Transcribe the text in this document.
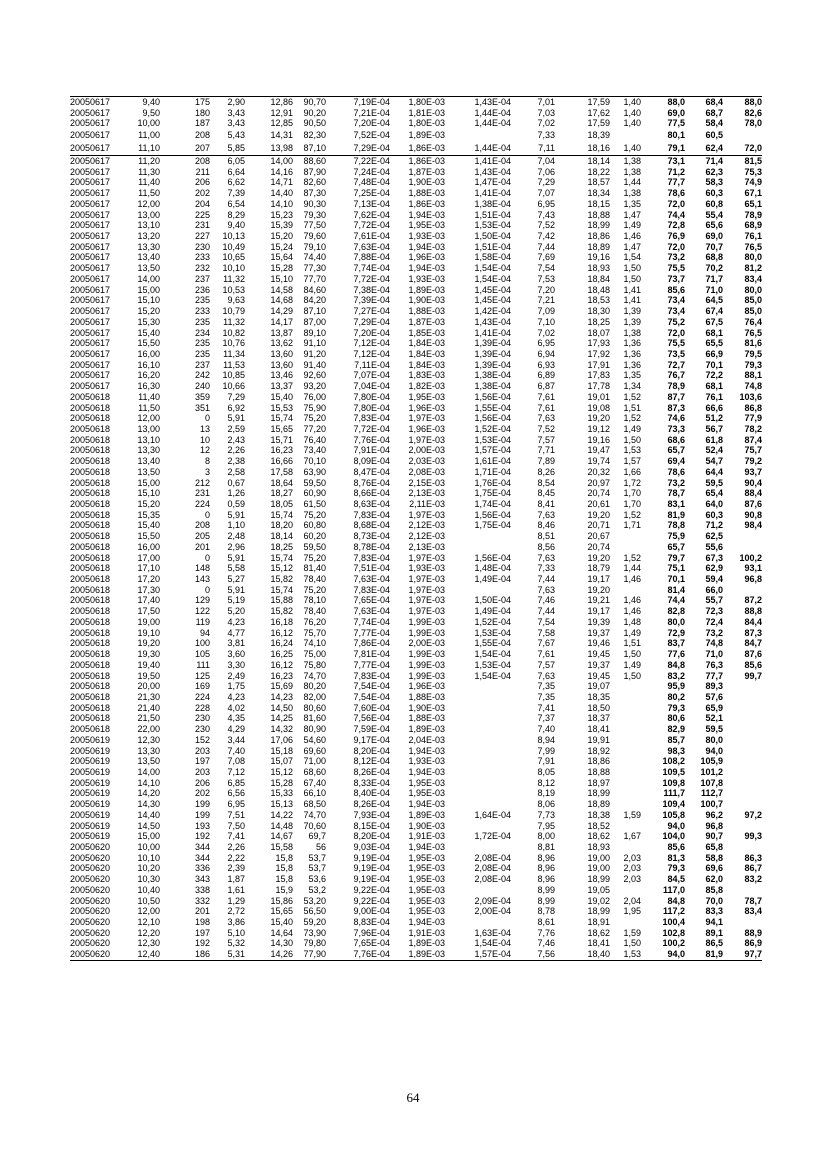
20050617	9,40	175	2,90	12,86	90,70	7,19E-04	1,80E-03	1,43E-04	7,01	17,59	1,40	88,0	68,4	88,0
20050617	9,50	180	3,43	12,91	90,20	7,21E-04	1,81E-03	1,44E-04	7,03	17,62	1,40	69,0	68,7	82,6
20050617	10,00	187	3,43	12,85	90,50	7,20E-04	1,80E-03	1,44E-04	7,02	17,59	1,40	77,5	58,4	78,0
20050617	11,00	208	5,43	14,31	82,30	7,52E-04	1,89E-03		7,33	18,39		80,1	60,5	
20050617	11,10	207	5,85	13,98	87,10	7,29E-04	1,86E-03	1,44E-04	7,11	18,16	1,40	79,1	62,4	72,0
20050617	11,20	208	6,05	14,00	88,60	7,22E-04	1,86E-03	1,41E-04	7,04	18,14	1,38	73,1	71,4	81,5
20050617	11,30	211	6,64	14,16	87,90	7,24E-04	1,87E-03	1,43E-04	7,06	18,22	1,38	71,2	62,3	75,3
20050617	11,40	206	6,62	14,71	82,60	7,48E-04	1,90E-03	1,47E-04	7,29	18,57	1,44	77,7	58,3	74,9
20050617	11,50	202	7,39	14,40	87,30	7,25E-04	1,88E-03	1,41E-04	7,07	18,34	1,38	78,6	60,3	67,1
20050617	12,00	204	6,54	14,10	90,30	7,13E-04	1,86E-03	1,38E-04	6,95	18,15	1,35	72,0	60,8	65,1
20050617	13,00	225	8,29	15,23	79,30	7,62E-04	1,94E-03	1,51E-04	7,43	18,88	1,47	74,4	55,4	78,9
20050617	13,10	231	9,40	15,39	77,50	7,72E-04	1,95E-03	1,53E-04	7,52	18,99	1,49	72,8	65,6	68,9
20050617	13,20	227	10,13	15,20	79,60	7,61E-04	1,93E-03	1,50E-04	7,42	18,86	1,46	76,9	69,0	76,1
20050617	13,30	230	10,49	15,24	79,10	7,63E-04	1,94E-03	1,51E-04	7,44	18,89	1,47	72,0	70,7	76,5
20050617	13,40	233	10,65	15,64	74,40	7,88E-04	1,96E-03	1,58E-04	7,69	19,16	1,54	73,2	68,8	80,0
20050617	13,50	232	10,10	15,28	77,30	7,74E-04	1,94E-03	1,54E-04	7,54	18,93	1,50	75,5	70,2	81,2
20050617	14,00	237	11,32	15,10	77,70	7,72E-04	1,93E-03	1,54E-04	7,53	18,84	1,50	73,7	71,7	83,4
20050617	15,00	236	10,53	14,58	84,60	7,38E-04	1,89E-03	1,45E-04	7,20	18,48	1,41	85,6	71,0	80,0
20050617	15,10	235	9,63	14,68	84,20	7,39E-04	1,90E-03	1,45E-04	7,21	18,53	1,41	73,4	64,5	85,0
20050617	15,20	233	10,79	14,29	87,10	7,27E-04	1,88E-03	1,42E-04	7,09	18,30	1,39	73,4	67,4	85,0
20050617	15,30	235	11,32	14,17	87,00	7,29E-04	1,87E-03	1,43E-04	7,10	18,25	1,39	75,2	67,5	76,4
20050617	15,40	234	10,82	13,87	89,10	7,20E-04	1,85E-03	1,41E-04	7,02	18,07	1,38	72,0	68,1	76,5
20050617	15,50	235	10,76	13,62	91,10	7,12E-04	1,84E-03	1,39E-04	6,95	17,93	1,36	75,5	65,5	81,6
20050617	16,00	235	11,34	13,60	91,20	7,12E-04	1,84E-03	1,39E-04	6,94	17,92	1,36	73,5	66,9	79,5
20050617	16,10	237	11,53	13,60	91,40	7,11E-04	1,84E-03	1,39E-04	6,93	17,91	1,36	72,7	70,1	79,3
20050617	16,20	242	10,85	13,46	92,60	7,07E-04	1,83E-03	1,38E-04	6,89	17,83	1,35	76,7	72,2	88,1
20050617	16,30	240	10,66	13,37	93,20	7,04E-04	1,82E-03	1,38E-04	6,87	17,78	1,34	78,9	68,1	74,8
20050618	11,40	359	7,29	15,40	76,00	7,80E-04	1,95E-03	1,56E-04	7,61	19,01	1,52	87,7	76,1	103,6
20050618	11,50	351	6,92	15,53	75,90	7,80E-04	1,96E-03	1,55E-04	7,61	19,08	1,51	87,3	66,6	86,8
20050618	12,00	0	5,91	15,74	75,20	7,83E-04	1,97E-03	1,56E-04	7,63	19,20	1,52	74,6	51,2	77,9
20050618	13,00	13	2,59	15,65	77,20	7,72E-04	1,96E-03	1,52E-04	7,52	19,12	1,49	73,3	56,7	78,2
20050618	13,10	10	2,43	15,71	76,40	7,76E-04	1,97E-03	1,53E-04	7,57	19,16	1,50	68,6	61,8	87,4
20050618	13,30	12	2,26	16,23	73,40	7,91E-04	2,00E-03	1,57E-04	7,71	19,47	1,53	65,7	52,4	75,7
20050618	13,40	8	2,38	16,66	70,10	8,09E-04	2,03E-03	1,61E-04	7,89	19,74	1,57	69,4	54,7	79,2
20050618	13,50	3	2,58	17,58	63,90	8,47E-04	2,08E-03	1,71E-04	8,26	20,32	1,66	78,6	64,4	93,7
20050618	15,00	212	0,67	18,64	59,50	8,76E-04	2,15E-03	1,76E-04	8,54	20,97	1,72	73,2	59,5	90,4
20050618	15,10	231	1,26	18,27	60,90	8,66E-04	2,13E-03	1,75E-04	8,45	20,74	1,70	78,7	65,4	88,4
20050618	15,20	224	0,59	18,05	61,50	8,63E-04	2,11E-03	1,74E-04	8,41	20,61	1,70	83,1	64,0	87,6
20050618	15,35	0	5,91	15,74	75,20	7,83E-04	1,97E-03	1,56E-04	7,63	19,20	1,52	81,9	60,3	90,8
20050618	15,40	208	1,10	18,20	60,80	8,68E-04	2,12E-03	1,75E-04	8,46	20,71	1,71	78,8	71,2	98,4
20050618	15,50	205	2,48	18,14	60,20	8,73E-04	2,12E-03		8,51	20,67		75,9	62,5	
20050618	16,00	201	2,96	18,25	59,50	8,78E-04	2,13E-03		8,56	20,74		65,7	55,6	
20050618	17,00	0	5,91	15,74	75,20	7,83E-04	1,97E-03	1,56E-04	7,63	19,20	1,52	79,7	67,3	100,2
20050618	17,10	148	5,58	15,12	81,40	7,51E-04	1,93E-03	1,48E-04	7,33	18,79	1,44	75,1	62,9	93,1
20050618	17,20	143	5,27	15,82	78,40	7,63E-04	1,97E-03	1,49E-04	7,44	19,17	1,46	70,1	59,4	96,8
20050618	17,30	0	5,91	15,74	75,20	7,83E-04	1,97E-03		7,63	19,20		81,4	66,0	
20050618	17,40	129	5,19	15,88	78,10	7,65E-04	1,97E-03	1,50E-04	7,46	19,21	1,46	74,4	55,7	87,2
20050618	17,50	122	5,20	15,82	78,40	7,63E-04	1,97E-03	1,49E-04	7,44	19,17	1,46	82,8	72,3	88,8
20050618	19,00	119	4,23	16,18	76,20	7,74E-04	1,99E-03	1,52E-04	7,54	19,39	1,48	80,0	72,4	84,4
20050618	19,10	94	4,77	16,12	75,70	7,77E-04	1,99E-03	1,53E-04	7,58	19,37	1,49	72,9	73,2	87,3
20050618	19,20	100	3,81	16,24	74,10	7,86E-04	2,00E-03	1,55E-04	7,67	19,46	1,51	83,7	74,8	84,7
20050618	19,30	105	3,60	16,25	75,00	7,81E-04	1,99E-03	1,54E-04	7,61	19,45	1,50	77,6	71,0	87,6
20050618	19,40	111	3,30	16,12	75,80	7,77E-04	1,99E-03	1,53E-04	7,57	19,37	1,49	84,8	76,3	85,6
20050618	19,50	125	2,49	16,23	74,70	7,83E-04	1,99E-03	1,54E-04	7,63	19,45	1,50	83,2	77,7	99,7
20050618	20,00	169	1,75	15,69	80,20	7,54E-04	1,96E-03		7,35	19,07		95,9	89,3	
20050618	21,30	224	4,23	14,23	82,00	7,54E-04	1,88E-03		7,35	18,35		80,2	57,6	
20050618	21,40	228	4,02	14,50	80,60	7,60E-04	1,90E-03		7,41	18,50		79,3	65,9	
20050618	21,50	230	4,35	14,25	81,60	7,56E-04	1,88E-03		7,37	18,37		80,6	52,1	
20050618	22,00	230	4,29	14,32	80,90	7,59E-04	1,89E-03		7,40	18,41		82,9	59,5	
20050619	12,30	152	3,44	17,06	54,60	9,17E-04	2,04E-03		8,94	19,91		85,7	80,0	
20050619	13,30	203	7,40	15,18	69,60	8,20E-04	1,94E-03		7,99	18,92		98,3	94,0	
20050619	13,50	197	7,08	15,07	71,00	8,12E-04	1,93E-03		7,91	18,86		108,2	105,9	
20050619	14,00	203	7,12	15,12	68,60	8,26E-04	1,94E-03		8,05	18,88		109,5	101,2	
20050619	14,10	206	6,85	15,28	67,40	8,33E-04	1,95E-03		8,12	18,97		109,8	107,8	
20050619	14,20	202	6,56	15,33	66,10	8,40E-04	1,95E-03		8,19	18,99		111,7	112,7	
20050619	14,30	199	6,95	15,13	68,50	8,26E-04	1,94E-03		8,06	18,89		109,4	100,7	
20050619	14,40	199	7,51	14,22	74,70	7,93E-04	1,89E-03	1,64E-04	7,73	18,38	1,59	105,8	96,2	97,2
20050619	14,50	193	7,50	14,48	70,60	8,15E-04	1,90E-03		7,95	18,52		94,0	96,8	
20050619	15,00	192	7,41	14,67	69,7	8,20E-04	1,91E-03	1,72E-04	8,00	18,62	1,67	104,0	90,7	99,3
20050620	10,00	344	2,26	15,58	56	9,03E-04	1,94E-03		8,81	18,93		85,6	65,8	
20050620	10,10	344	2,22	15,8	53,7	9,19E-04	1,95E-03	2,08E-04	8,96	19,00	2,03	81,3	58,8	86,3
20050620	10,20	336	2,39	15,8	53,7	9,19E-04	1,95E-03	2,08E-04	8,96	19,00	2,03	79,3	69,6	86,7
20050620	10,30	343	1,87	15,8	53,6	9,19E-04	1,95E-03	2,08E-04	8,96	18,99	2,03	84,5	62,0	83,2
20050620	10,40	338	1,61	15,9	53,2	9,22E-04	1,95E-03		8,99	19,05		117,0	85,8	
20050620	10,50	332	1,29	15,86	53,20	9,22E-04	1,95E-03	2,09E-04	8,99	19,02	2,04	84,8	70,0	78,7
20050620	12,00	201	2,72	15,65	56,50	9,00E-04	1,95E-03	2,00E-04	8,78	18,99	1,95	117,2	83,3	83,4
20050620	12,10	198	3,86	15,40	59,20	8,83E-04	1,94E-03		8,61	18,91		100,4	94,1	
20050620	12,20	197	5,10	14,64	73,90	7,96E-04	1,91E-03	1,63E-04	7,76	18,62	1,59	102,8	89,1	88,9
20050620	12,30	192	5,32	14,30	79,80	7,65E-04	1,89E-03	1,54E-04	7,46	18,41	1,50	100,2	86,5	86,9
20050620	12,40	186	5,31	14,26	77,90	7,76E-04	1,89E-03	1,57E-04	7,56	18,40	1,53	94,0	81,9	97,7
64
